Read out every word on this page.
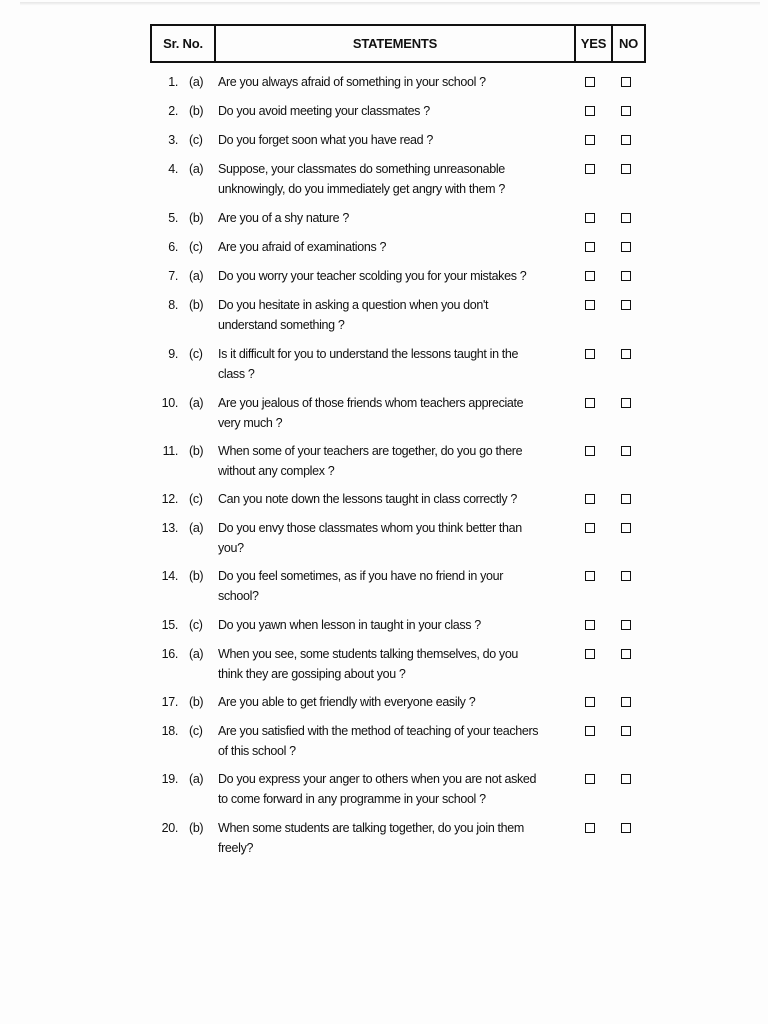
Sr. No.	STATEMENTS	YES NO
1. (a)	Are you always afraid of something in your school ?
2. (b)	Do you avoid meeting your classmates ?
3. (c)	Do you forget soon what you have read ?
4. (a)	Suppose, your classmates do something unreasonable
unknowingly, do you immediately get angry with them ?
5. (b)	Are you of a shy nature ?
6. (c)	Are you afraid of examinations ?
7. (a)	Do you worry your teacher scolding you for your mistakes ?
8. (b)	Do you hesitate in asking a question when you don't
understand something ?
9. (c)	Is it difficult for you to understand the lessons taught in the
class ?
10. (a)	Are you jealous of those friends whom teachers appreciate
very much ?
11. (b)	When some of your teachers are together, do you go there
without any complex ?
12. (c)	Can you note down the lessons taught in class correctly ?
13. (a)	Do you envy those classmates whom you think better than
you?
14. (b)	Do you feel sometimes, as if you have no friend in your
school?
15. (c)	Do you yawn when lesson in taught in your class ?
16. (a)	When you see, some students talking themselves, do you
think they are gossiping about you ?
17. (b)	Are you able to get friendly with everyone easily ?
18. (c)	Are you satisfied with the method of teaching of your teachers
of this school ?
19. (a)	Do you express your anger to others when you are not asked
to come forward in any programme in your school ?
20. (b)	When some students are talking together, do you join them
freely?
